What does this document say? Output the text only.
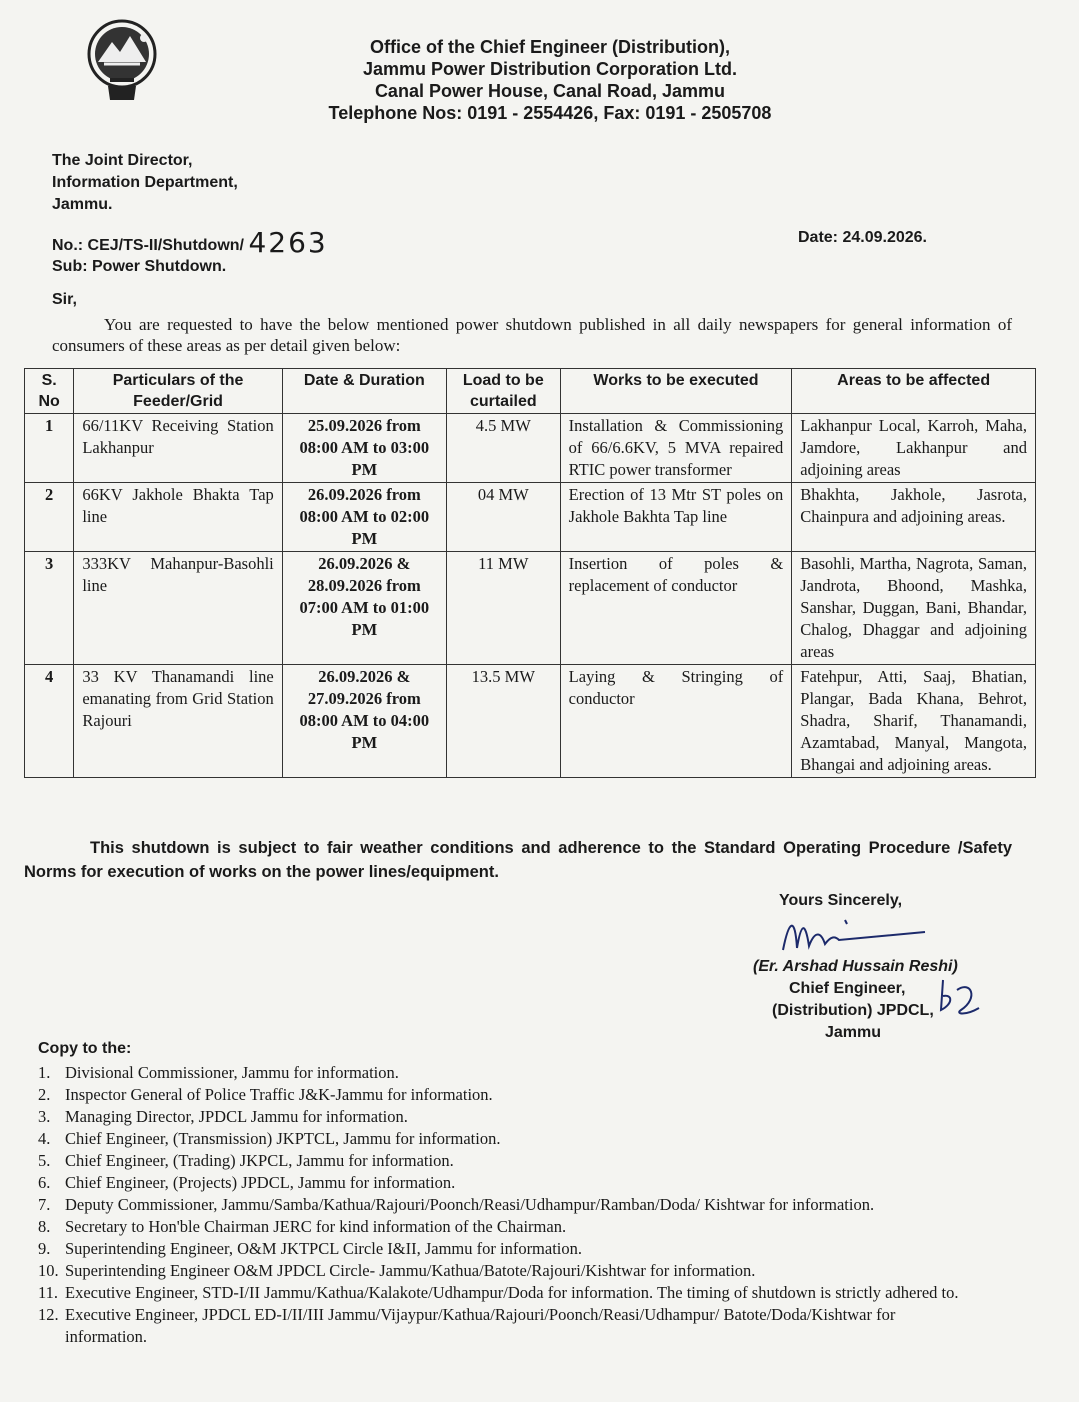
Office of the Chief Engineer (Distribution),
Jammu Power Distribution Corporation Ltd.
Canal Power House, Canal Road, Jammu
Telephone Nos: 0191 - 2554426, Fax: 0191 - 2505708
The Joint Director,
Information Department,
Jammu.
No.: CEJ/TS-II/Shutdown/ 4263	Date: 24.09.2026.
Sub: Power Shutdown.
Sir,
You are requested to have the below mentioned power shutdown published in all daily newspapers for general information of consumers of these areas as per detail given below:
S. No	Particulars of the Feeder/Grid	Date & Duration	Load to be curtailed	Works to be executed	Areas to be affected
1	66/11KV Receiving Station Lakhanpur	25.09.2026 from 08:00 AM to 03:00 PM	4.5 MW	Installation & Commissioning of 66/6.6KV, 5 MVA repaired RTIC power transformer	Lakhanpur Local, Karroh, Maha, Jamdore, Lakhanpur and adjoining areas
2	66KV Jakhole Bhakta Tap line	26.09.2026 from 08:00 AM to 02:00 PM	04 MW	Erection of 13 Mtr ST poles on Jakhole Bakhta Tap line	Bhakhta, Jakhole, Jasrota, Chainpura and adjoining areas.
3	333KV Mahanpur-Basohli line	26.09.2026 & 28.09.2026 from 07:00 AM to 01:00 PM	11 MW	Insertion of poles & replacement of conductor	Basohli, Martha, Nagrota, Saman, Jandrota, Bhoond, Mashka, Sanshar, Duggan, Bani, Bhandar, Chalog, Dhaggar and adjoining areas
4	33 KV Thanamandi line emanating from Grid Station Rajouri	26.09.2026 & 27.09.2026 from 08:00 AM to 04:00 PM	13.5 MW	Laying & Stringing of conductor	Fatehpur, Atti, Saaj, Bhatian, Plangar, Bada Khana, Behrot, Shadra, Sharif, Thanamandi, Azamtabad, Manyal, Mangota, Bhangai and adjoining areas.
This shutdown is subject to fair weather conditions and adherence to the Standard Operating Procedure /Safety Norms for execution of works on the power lines/equipment.
Yours Sincerely,
(Er. Arshad Hussain Reshi)
Chief Engineer,
(Distribution) JPDCL,
Jammu
Copy to the:
1. Divisional Commissioner, Jammu for information.
2. Inspector General of Police Traffic J&K-Jammu for information.
3. Managing Director, JPDCL Jammu for information.
4. Chief Engineer, (Transmission) JKPTCL, Jammu for information.
5. Chief Engineer, (Trading) JKPCL, Jammu for information.
6. Chief Engineer, (Projects) JPDCL, Jammu for information.
7. Deputy Commissioner, Jammu/Samba/Kathua/Rajouri/Poonch/Reasi/Udhampur/Ramban/Doda/ Kishtwar for information.
8. Secretary to Hon'ble Chairman JERC for kind information of the Chairman.
9. Superintending Engineer, O&M JKTPCL Circle I&II, Jammu for information.
10. Superintending Engineer O&M JPDCL Circle- Jammu/Kathua/Batote/Rajouri/Kishtwar for information.
11. Executive Engineer, STD-I/II Jammu/Kathua/Kalakote/Udhampur/Doda for information. The timing of shutdown is strictly adhered to.
12. Executive Engineer, JPDCL ED-I/II/III Jammu/Vijaypur/Kathua/Rajouri/Poonch/Reasi/Udhampur/ Batote/Doda/Kishtwar for information.
